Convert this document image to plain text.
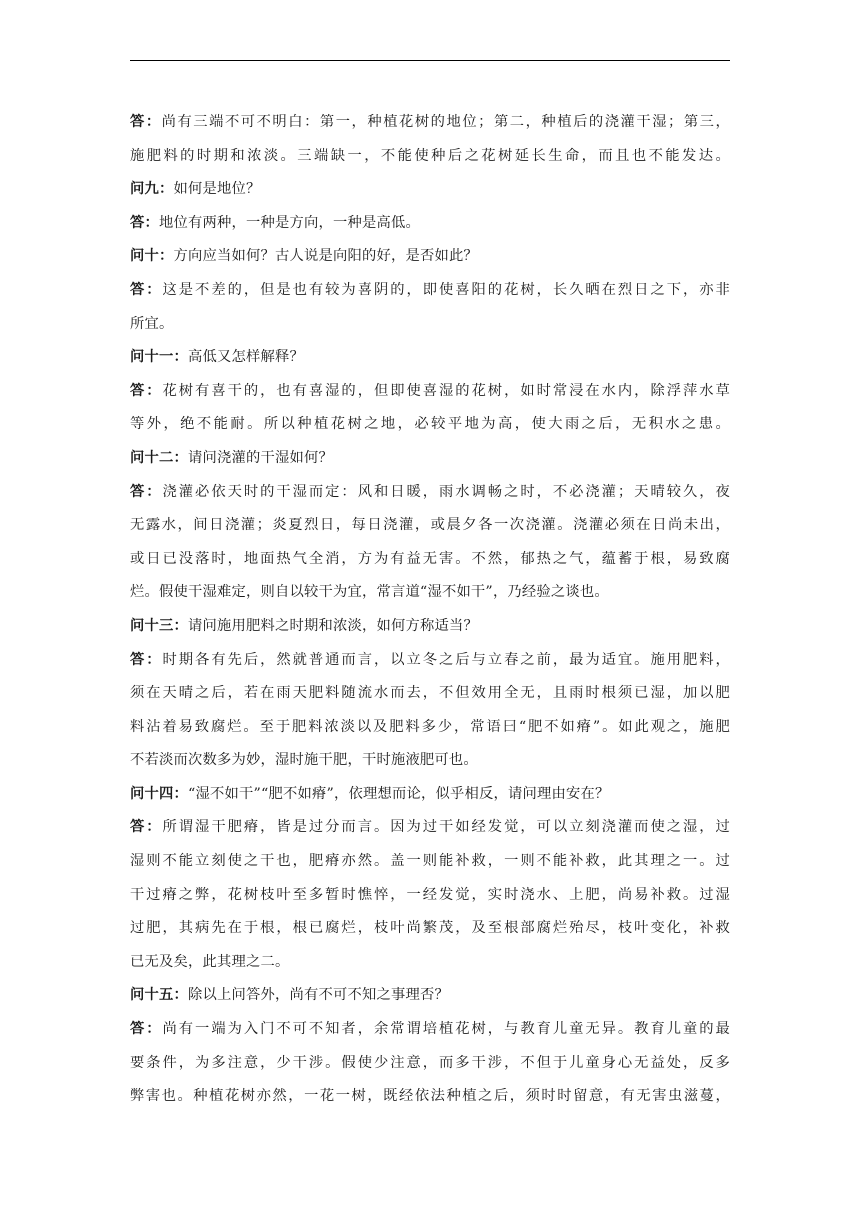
答：尚有三端不可不明白：第一，种植花树的地位；第二，种植后的浇灌干湿；第三，
施肥料的时期和浓淡。三端缺一，不能使种后之花树延长生命，而且也不能发达。
问九：如何是地位？
答：地位有两种，一种是方向，一种是高低。
问十：方向应当如何？古人说是向阳的好，是否如此？
答：这是不差的，但是也有较为喜阴的，即使喜阳的花树，长久晒在烈日之下，亦非
所宜。
问十一：高低又怎样解释？
答：花树有喜干的，也有喜湿的，但即使喜湿的花树，如时常浸在水内，除浮萍水草
等外，绝不能耐。所以种植花树之地，必较平地为高，使大雨之后，无积水之患。
问十二：请问浇灌的干湿如何？
答：浇灌必依天时的干湿而定：风和日暖，雨水调畅之时，不必浇灌；天晴较久，夜
无露水，间日浇灌；炎夏烈日，每日浇灌，或晨夕各一次浇灌。浇灌必须在日尚未出，
或日已没落时，地面热气全消，方为有益无害。不然，郁热之气，蕴蓄于根，易致腐
烂。假使干湿难定，则自以较干为宜，常言道“湿不如干”，乃经验之谈也。
问十三：请问施用肥料之时期和浓淡，如何方称适当？
答：时期各有先后，然就普通而言，以立冬之后与立春之前，最为适宜。施用肥料，
须在天晴之后，若在雨天肥料随流水而去，不但效用全无，且雨时根须已湿，加以肥
料沾着易致腐烂。至于肥料浓淡以及肥料多少，常语曰“肥不如瘠”。如此观之，施肥
不若淡而次数多为妙，湿时施干肥，干时施液肥可也。
问十四：“湿不如干”“肥不如瘠”，依理想而论，似乎相反，请问理由安在？
答：所谓湿干肥瘠，皆是过分而言。因为过干如经发觉，可以立刻浇灌而使之湿，过
湿则不能立刻使之干也，肥瘠亦然。盖一则能补救，一则不能补救，此其理之一。过
干过瘠之弊，花树枝叶至多暂时憔悴，一经发觉，实时浇水、上肥，尚易补救。过湿
过肥，其病先在于根，根已腐烂，枝叶尚繁茂，及至根部腐烂殆尽，枝叶变化，补救
已无及矣，此其理之二。
问十五：除以上问答外，尚有不可不知之事理否？
答：尚有一端为入门不可不知者，余常谓培植花树，与教育儿童无异。教育儿童的最
要条件，为多注意，少干涉。假使少注意，而多干涉，不但于儿童身心无益处，反多
弊害也。种植花树亦然，一花一树，既经依法种植之后，须时时留意，有无害虫滋蔓，
